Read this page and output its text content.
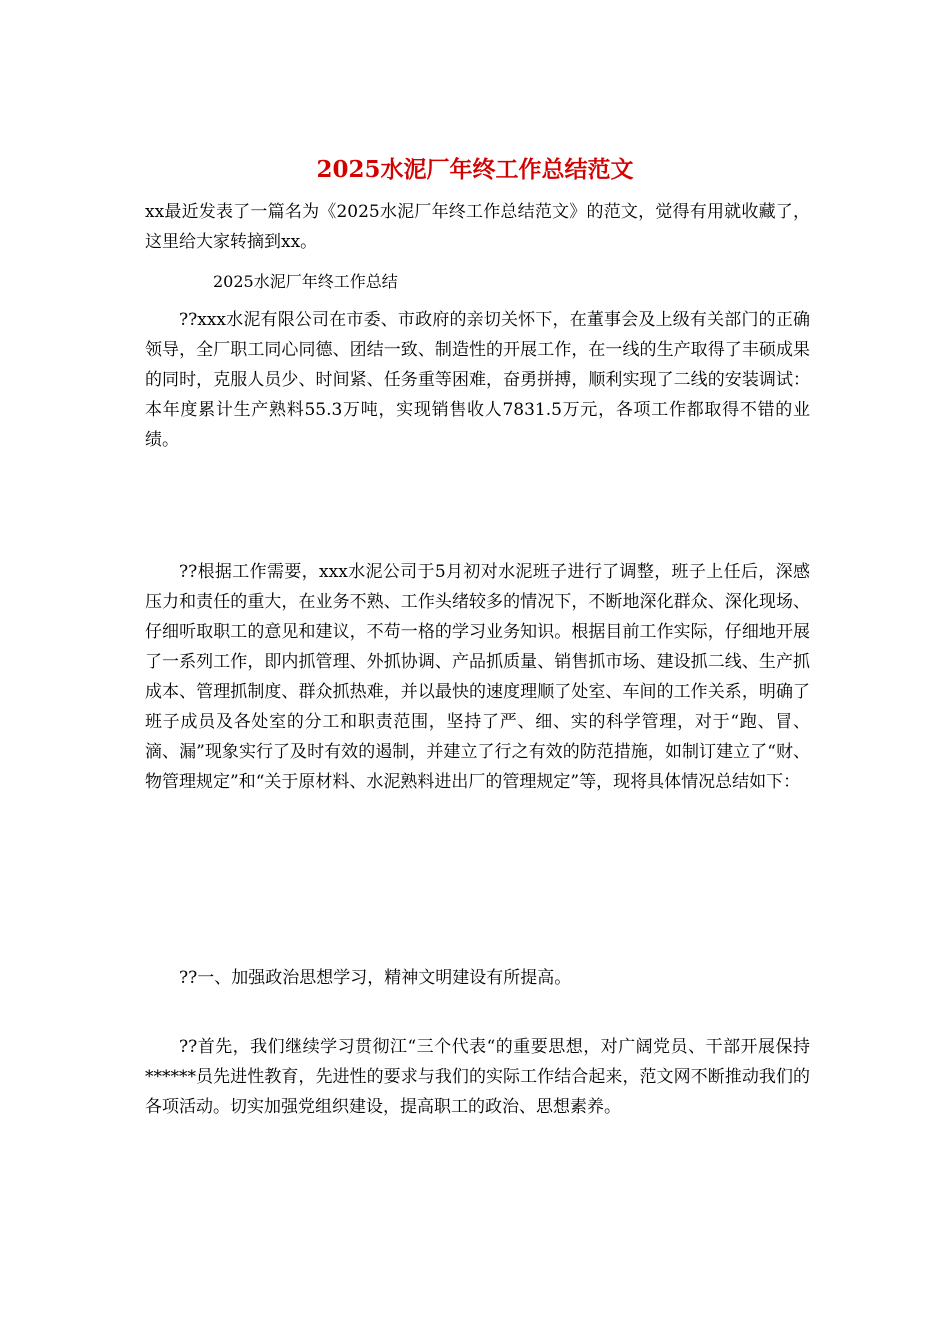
2025水泥厂年终工作总结范文

xx最近发表了一篇名为《2025水泥厂年终工作总结范文》的范文，觉得有用就收藏了，这里给大家转摘到xx。

2025水泥厂年终工作总结

??xxx水泥有限公司在市委、市政府的亲切关怀下，在董事会及上级有关部门的正确领导，全厂职工同心同德、团结一致、制造性的开展工作，在一线的生产取得了丰硕成果的同时，克服人员少、时间紧、任务重等困难，奋勇拼搏，顺利实现了二线的安装调试：本年度累计生产熟料55.3万吨，实现销售收人7831.5万元，各项工作都取得不错的业绩。

??根据工作需要，xxx水泥公司于5月初对水泥班子进行了调整，班子上任后，深感压力和责任的重大，在业务不熟、工作头绪较多的情况下，不断地深化群众、深化现场、仔细听取职工的意见和建议，不苟一格的学习业务知识。根据目前工作实际，仔细地开展了一系列工作，即内抓管理、外抓协调、产品抓质量、销售抓市场、建设抓二线、生产抓成本、管理抓制度、群众抓热难，并以最快的速度理顺了处室、车间的工作关系，明确了班子成员及各处室的分工和职责范围，坚持了严、细、实的科学管理，对于“跑、冒、滴、漏”现象实行了及时有效的遏制，并建立了行之有效的防范措施，如制订建立了“财、物管理规定”和“关于原材料、水泥熟料进出厂的管理规定”等，现将具体情况总结如下：

??一、加强政治思想学习，精神文明建设有所提高。

??首先，我们继续学习贯彻江“三个代表“的重要思想，对广阔党员、干部开展保持******员先进性教育，先进性的要求与我们的实际工作结合起来，范文网不断推动我们的各项活动。切实加强党组织建设，提高职工的政治、思想素养。
